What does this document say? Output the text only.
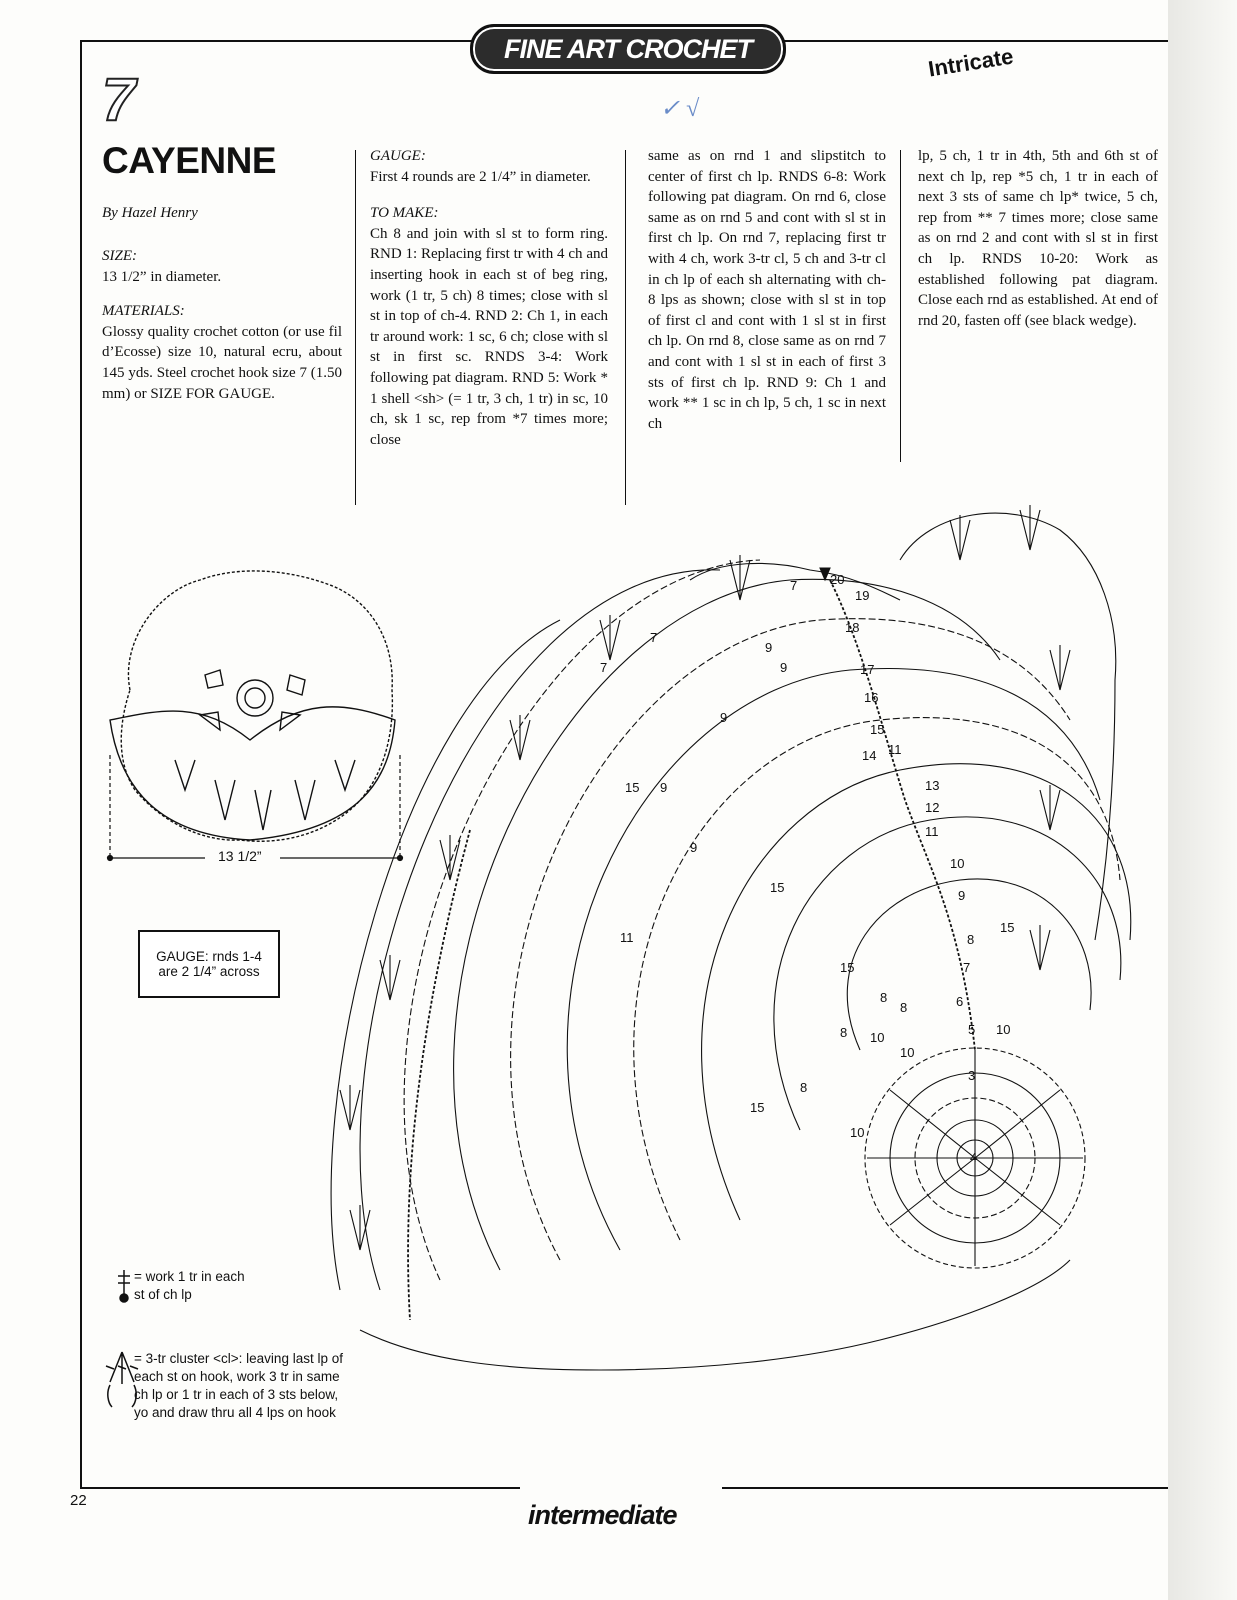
FINE ART CROCHET	Intricate
✓ √
7
CAYENNE
By Hazel Henry

SIZE:
13 1/2” in diameter.

MATERIALS:
Glossy quality crochet cotton (or use fil d’Ecosse) size 10, natural ecru, about 145 yds. Steel crochet hook size 7 (1.50 mm) or SIZE FOR GAUGE.

GAUGE:
First 4 rounds are 2 1/4” in diameter.

TO MAKE:
Ch 8 and join with sl st to form ring. RND 1: Replacing first tr with 4 ch and inserting hook in each st of beg ring, work (1 tr, 5 ch) 8 times; close with sl st in top of ch-4. RND 2: Ch 1, in each tr around work: 1 sc, 6 ch; close with sl st in first sc. RNDS 3-4: Work following pat diagram. RND 5: Work * 1 shell <sh> (= 1 tr, 3 ch, 1 tr) in sc, 10 ch, sk 1 sc, rep from *7 times more; close

same as on rnd 1 and slipstitch to center of first ch lp. RNDS 6-8: Work following pat diagram. On rnd 6, close same as on rnd 5 and cont with sl st in first ch lp. On rnd 7, replacing first tr with 4 ch, work 3-tr cl, 5 ch and 3-tr cl in ch lp of each sh alternating with ch-8 lps as shown; close with sl st in top of first cl and cont with 1 sl st in first ch lp. On rnd 8, close same as on rnd 7 and cont with 1 sl st in each of first 3 sts of first ch lp. RND 9: Ch 1 and work ** 1 sc in ch lp, 5 ch, 1 sc in next ch

lp, 5 ch, 1 tr in 4th, 5th and 6th st of next ch lp, rep *5 ch, 1 tr in each of next 3 sts of same ch lp* twice, 5 ch, rep from ** 7 times more; close same as on rnd 2 and cont with sl st in first ch lp. RNDS 10-20: Work as established following pat diagram. Close each rnd as established. At end of rnd 20, fasten off (see black wedge).

20
19
18
17
16
15
14 11
13
12
11
10
9
8
7
6
5 10
3
4
15
9
9
9
9
9
7
7
7
11
15
15
10
10
10
8
8
8
8
15
15
13 1/2”
GAUGE: rnds 1-4
are 2 1/4” across
= work 1 tr in each
st of ch lp
= 3-tr cluster <cl>: leaving last lp of
each st on hook, work 3 tr in same
ch lp or 1 tr in each of 3 sts below,
yo and draw thru all 4 lps on hook
22	intermediate
